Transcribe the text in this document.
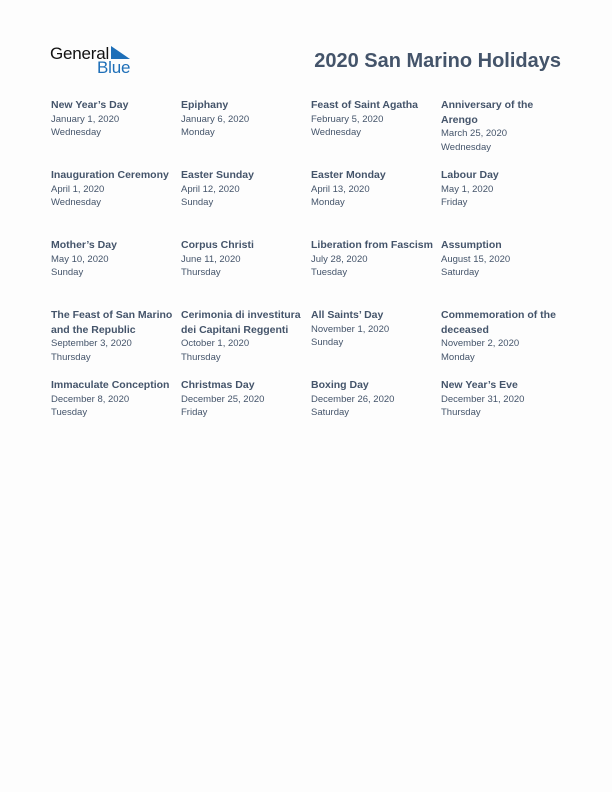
General
Blue	2020 San Marino Holidays
New Year’s Day
January 1, 2020
Wednesday
Epiphany
January 6, 2020
Monday
Feast of Saint Agatha
February 5, 2020
Wednesday
Anniversary of the Arengo
March 25, 2020
Wednesday
Inauguration Ceremony
April 1, 2020
Wednesday
Easter Sunday
April 12, 2020
Sunday
Easter Monday
April 13, 2020
Monday
Labour Day
May 1, 2020
Friday
Mother’s Day
May 10, 2020
Sunday
Corpus Christi
June 11, 2020
Thursday
Liberation from Fascism
July 28, 2020
Tuesday
Assumption
August 15, 2020
Saturday
The Feast of San Marino and the Republic
September 3, 2020
Thursday
Cerimonia di investitura dei Capitani Reggenti
October 1, 2020
Thursday
All Saints’ Day
November 1, 2020
Sunday
Commemoration of the deceased
November 2, 2020
Monday
Immaculate Conception
December 8, 2020
Tuesday
Christmas Day
December 25, 2020
Friday
Boxing Day
December 26, 2020
Saturday
New Year’s Eve
December 31, 2020
Thursday
